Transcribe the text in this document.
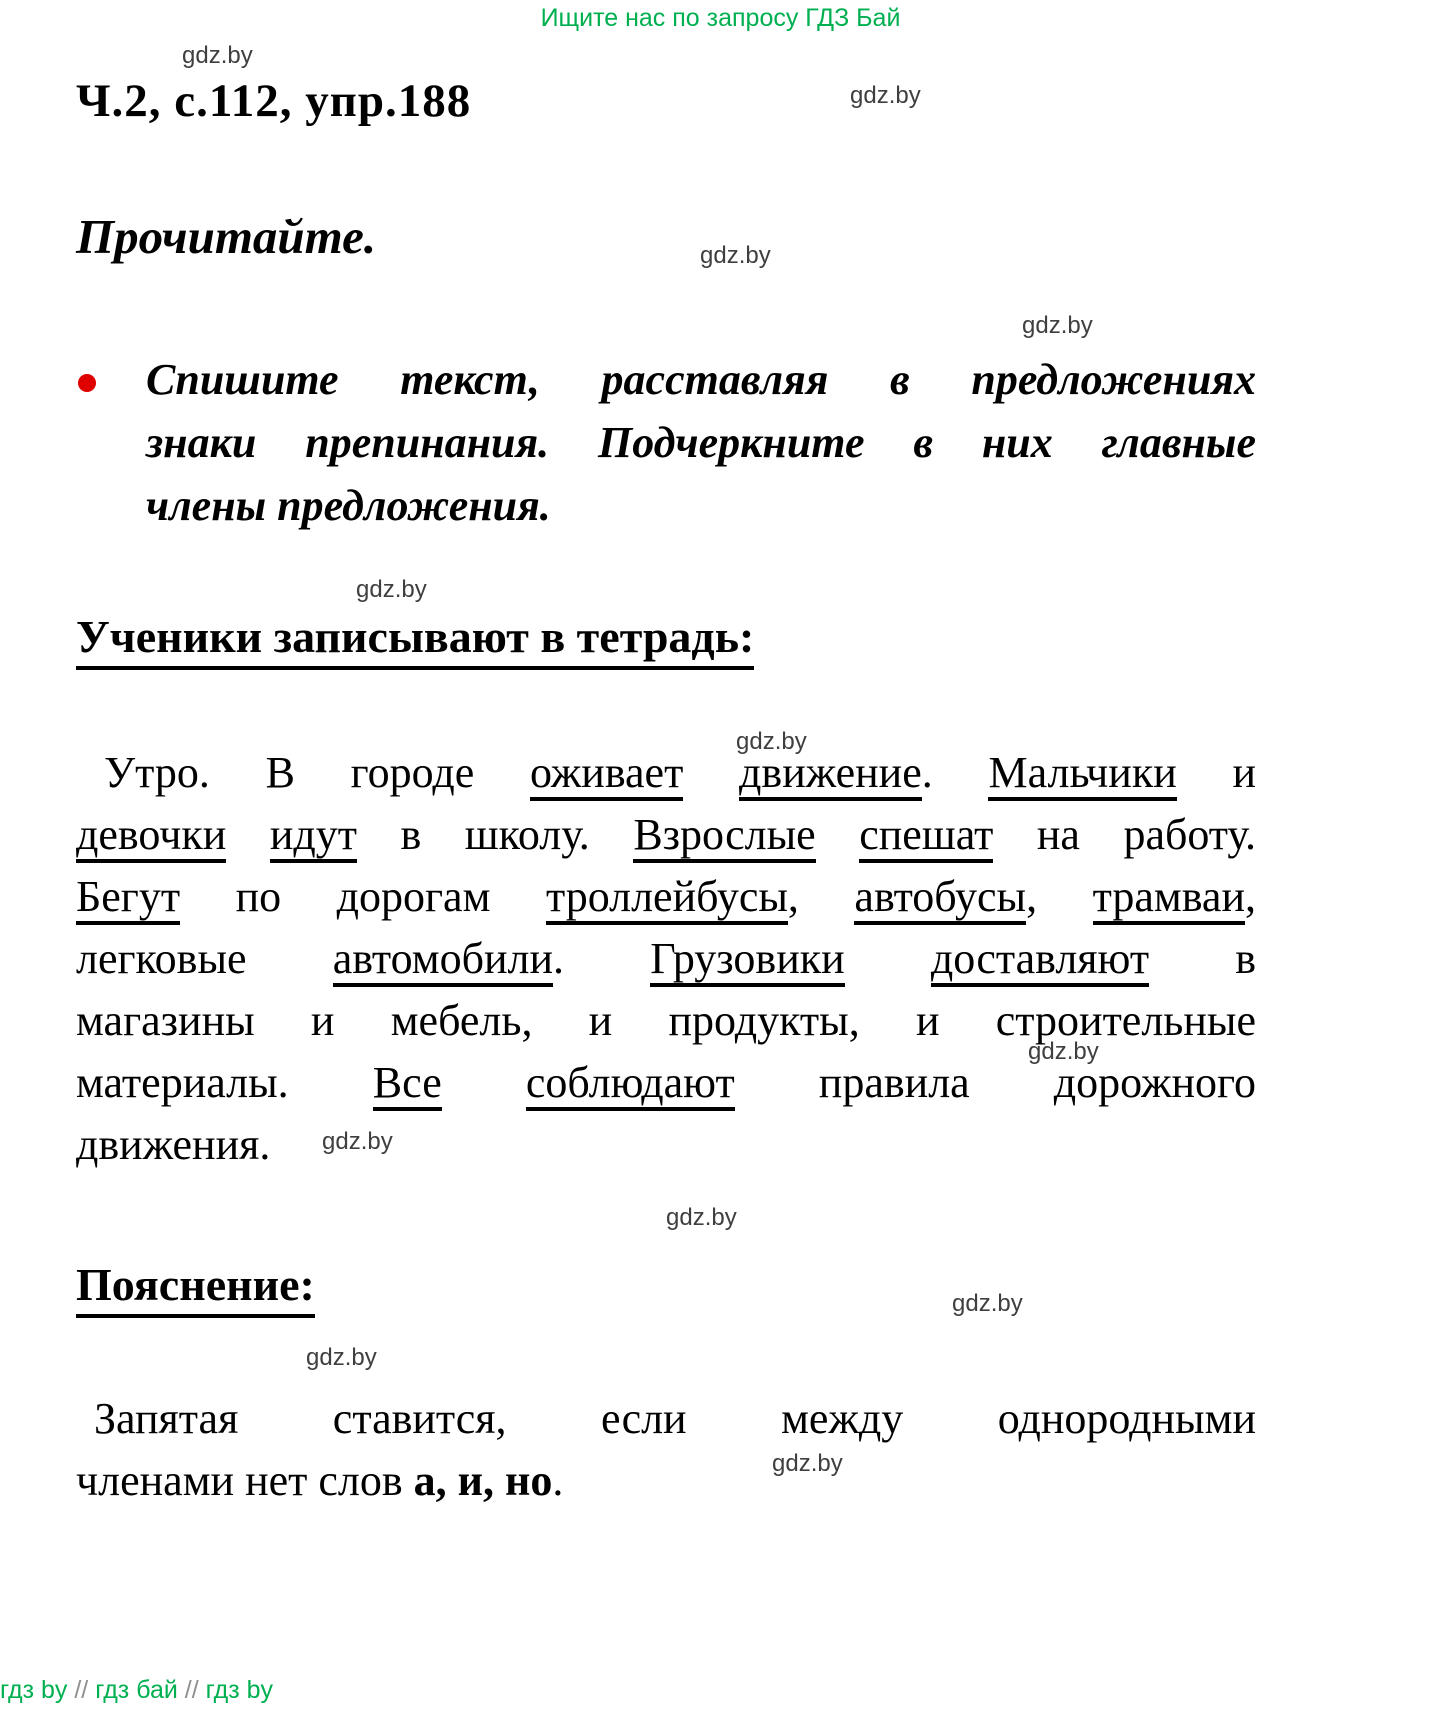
Ищите нас по запросу ГДЗ Бай
Ч.2, с.112, упр.188
Прочитайте.
Спишите текст, расставляя в предложениях
знаки препинания. Подчеркните в них главные
члены предложения.
Ученики записывают в тетрадь:
Утро. В городе оживает движение. Мальчики и
девочки идут в школу. Взрослые спешат на работу.
Бегут по дорогам троллейбусы, автобусы, трамваи,
легковые автомобили. Грузовики доставляют в
магазины и мебель, и продукты, и строительные
материалы. Все соблюдают правила дорожного
движения.
Пояснение:
Запятая ставится, если между однородными
членами нет слов а, и, но.
гдз by // гдз бай // гдз by
gdz.by
gdz.by
gdz.by
gdz.by
gdz.by
gdz.by
gdz.by
gdz.by
gdz.by
gdz.by
gdz.by
gdz.by
